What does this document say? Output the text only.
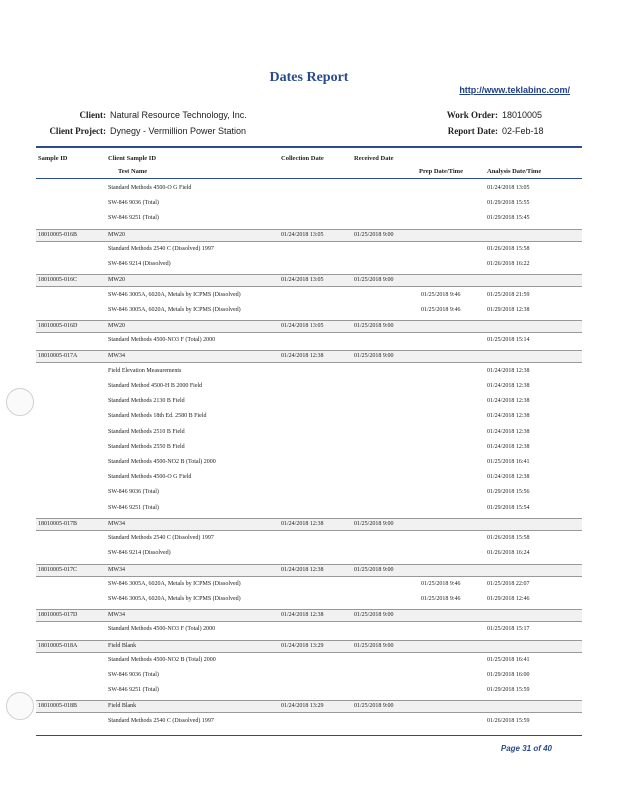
Dates Report
http://www.teklabinc.com/
Client: Natural Resource Technology, Inc.
Client Project: Dynegy - Vermillion Power Station
Work Order: 18010005
Report Date: 02-Feb-18
Sample ID	Client Sample ID
Test Name
Collection Date	Received Date
Prep Date/Time	Analysis Date/Time
Standard Methods 4500-O G Field	01/24/2018 13:05
SW-846 9036 (Total)	01/29/2018 15:55
SW-846 9251 (Total)	01/29/2018 15:45
18010005-016B	MW20	01/24/2018 13:05	01/25/2018 9:00
Standard Methods 2540 C (Dissolved) 1997	01/26/2018 15:58
SW-846 9214 (Dissolved)	01/26/2018 16:22
18010005-016C	MW20	01/24/2018 13:05	01/25/2018 9:00
SW-846 3005A, 6020A, Metals by ICPMS (Dissolved)	01/25/2018 9:46	01/25/2018 21:59
SW-846 3005A, 6020A, Metals by ICPMS (Dissolved)	01/25/2018 9:46	01/29/2018 12:38
18010005-016D	MW20	01/24/2018 13:05	01/25/2018 9:00
Standard Methods 4500-NO3 F (Total) 2000	01/25/2018 15:14
18010005-017A	MW34	01/24/2018 12:38	01/25/2018 9:00
Field Elevation Measurements	01/24/2018 12:38
Standard Method 4500-H B 2000 Field	01/24/2018 12:38
Standard Methods 2130 B Field	01/24/2018 12:38
Standard Methods 18th Ed. 2580 B Field	01/24/2018 12:38
Standard Methods 2510 B Field	01/24/2018 12:38
Standard Methods 2550 B Field	01/24/2018 12:38
Standard Methods 4500-NO2 B (Total) 2000	01/25/2018 16:41
Standard Methods 4500-O G Field	01/24/2018 12:38
SW-846 9036 (Total)	01/29/2018 15:56
SW-846 9251 (Total)	01/29/2018 15:54
18010005-017B	MW34	01/24/2018 12:38	01/25/2018 9:00
Standard Methods 2540 C (Dissolved) 1997	01/26/2018 15:58
SW-846 9214 (Dissolved)	01/26/2018 16:24
18010005-017C	MW34	01/24/2018 12:38	01/25/2018 9:00
SW-846 3005A, 6020A, Metals by ICPMS (Dissolved)	01/25/2018 9:46	01/25/2018 22:07
SW-846 3005A, 6020A, Metals by ICPMS (Dissolved)	01/25/2018 9:46	01/29/2018 12:46
18010005-017D	MW34	01/24/2018 12:38	01/25/2018 9:00
Standard Methods 4500-NO3 F (Total) 2000	01/25/2018 15:17
18010005-018A	Field Blank	01/24/2018 13:29	01/25/2018 9:00
Standard Methods 4500-NO2 B (Total) 2000	01/25/2018 16:41
SW-846 9036 (Total)	01/29/2018 16:00
SW-846 9251 (Total)	01/29/2018 15:59
18010005-018B	Field Blank	01/24/2018 13:29	01/25/2018 9:00
Standard Methods 2540 C (Dissolved) 1997	01/26/2018 15:59
Page 31 of 40
